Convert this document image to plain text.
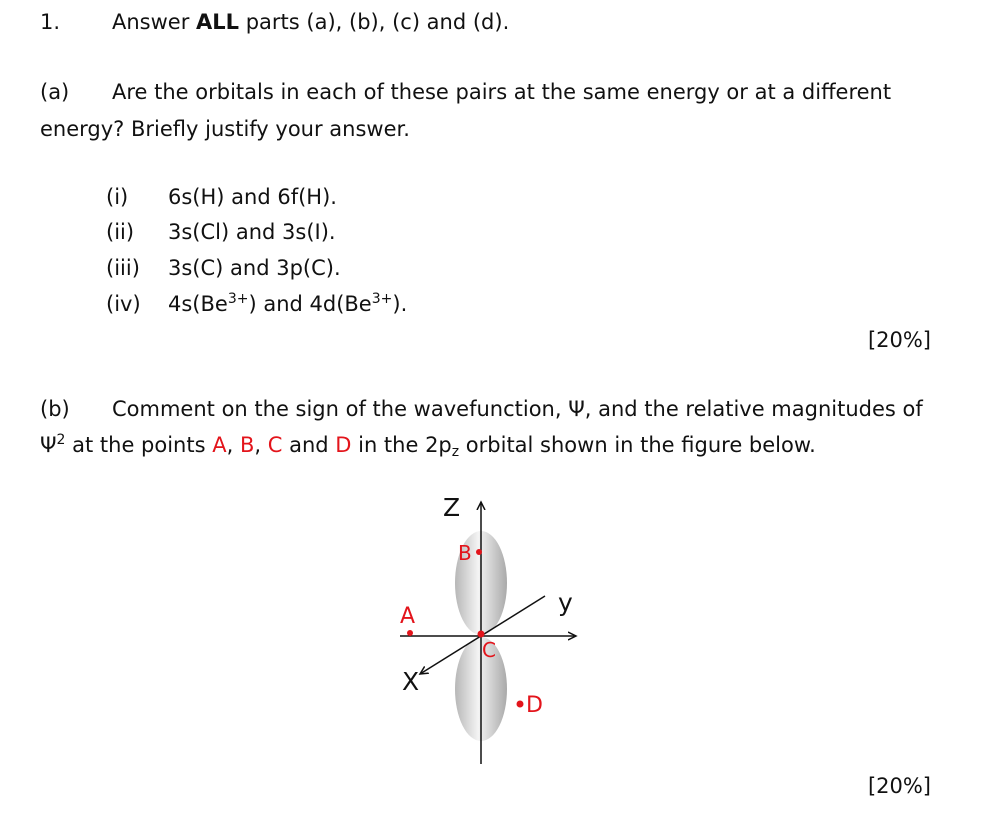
1. Answer ALL parts (a), (b), (c) and (d).
(a) Are the orbitals in each of these pairs at the same energy or at a different
energy? Briefly justify your answer.
(i) 6s(H) and 6f(H).
(ii) 3s(Cl) and 3s(I).
(iii) 3s(C) and 3p(C).
(iv) $4s(Be^{3+})$ and $4d(Be^{3+})$.
[20%]
(b) Comment on the sign of the wavefunction, Ψ, and the relative magnitudes of
$\Psi^2$ at the points A, B, C and D in the $2p_z$ orbital shown in the figure below.
Z
y
X
A
B
C
D
[20%]
